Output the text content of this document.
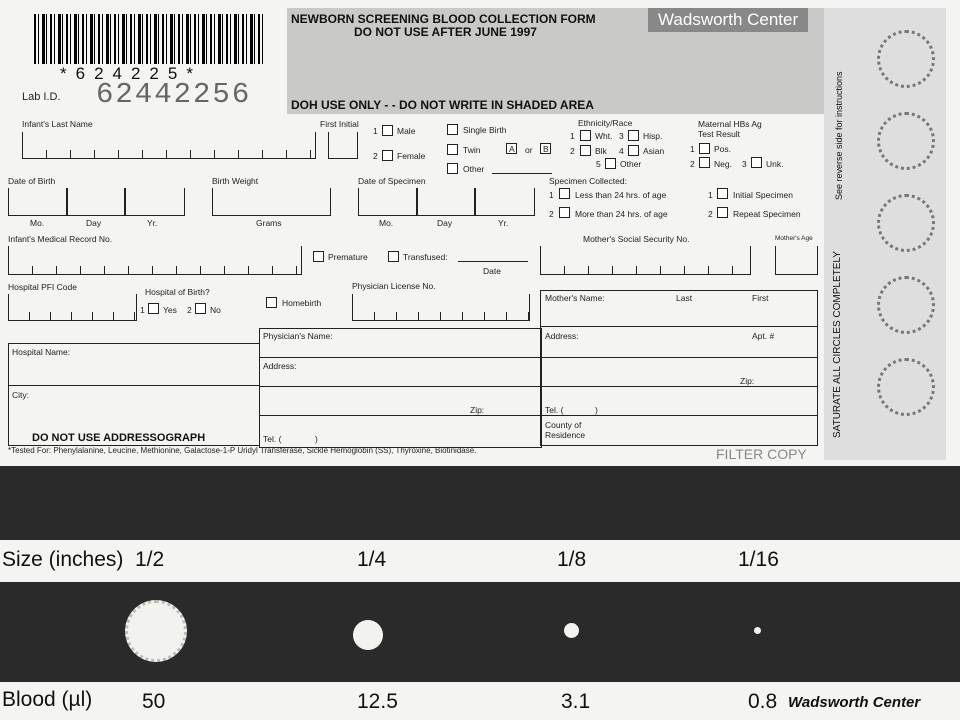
*624225*
Lab I.D. 62442256
NEWBORN SCREENING BLOOD COLLECTION FORM
DO NOT USE AFTER JUNE 1997
DOH USE ONLY - - DO NOT WRITE IN SHADED AREA
Wadsworth Center
Infant's Last Name	First Initial
1 Male
2 Female
Single Birth
Twin	A or B
Other
Ethnicity/Race
1 Wht. 3 Hisp.
2 Blk 4 Asian
5 Other
Maternal HBs Ag
Test Result
1 Pos.
2 Neg. 3 Unk.
Date of Birth
Mo.	Day	Yr.
Birth Weight
Grams
Date of Specimen
Mo.	Day	Yr.
Specimen Collected:
1	Less than 24 hrs. of age
2	More than 24 hrs. of age
1 Initial Specimen
2 Repeat Specimen
Infant's Medical Record No.
Premature	Transfused:
Date
Mother's Social Security No.	Mother's Age
Hospital PFI Code	Hospital of Birth?
1 Yes 2 No
Homebirth
Physician License No.
Hospital Name:
City:
DO NOT USE ADDRESSOGRAPH
Physician's Name:
Address:
Zip:
Tel. (	)
Mother's Name:	Last	First
Address:	Apt. #
Zip:
Tel. (	)
County of
Residence
*Tested For: Phenylalanine, Leucine, Methionine, Galactose-1-P Uridyl Transferase, Sickle Hemoglobin (SS), Thyroxine, Biotinidase.	FILTER COPY
See reverse side for instructions
SATURATE ALL CIRCLES COMPLETELY
Size (inches) 1/2	1/4	1/8	1/16
Blood (µl) 50	12.5	3.1	0.8 Wadsworth Center
